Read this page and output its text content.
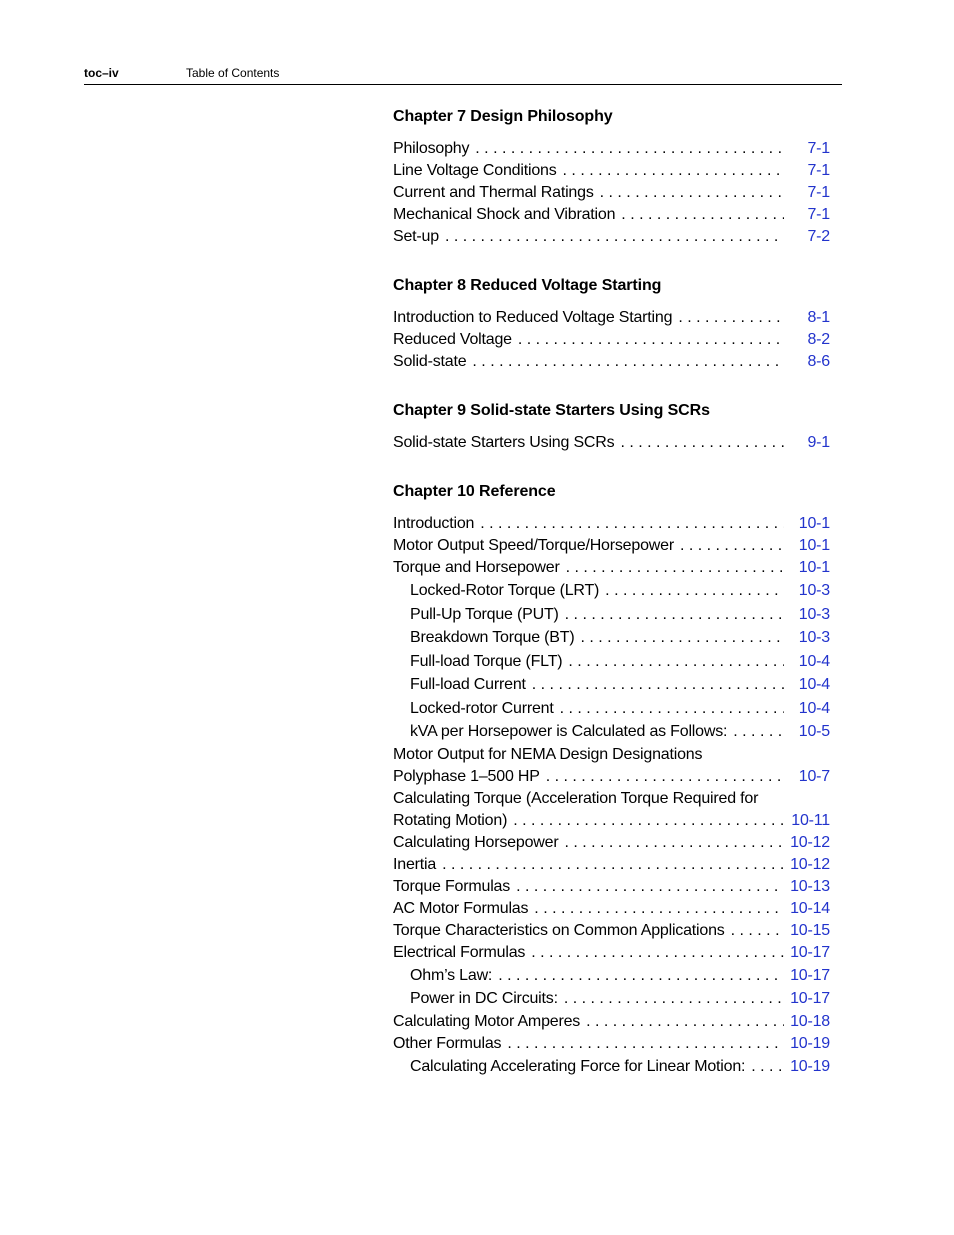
toc–iv	Table of Contents
Chapter 7 Design Philosophy
Philosophy . . .	7-1
Line Voltage Conditions . . .	7-1
Current and Thermal Ratings . . .	7-1
Mechanical Shock and Vibration . . .	7-1
Set-up . . .	7-2
Chapter 8 Reduced Voltage Starting
Introduction to Reduced Voltage Starting . . .	8-1
Reduced Voltage . . .	8-2
Solid-state . . .	8-6
Chapter 9 Solid-state Starters Using SCRs
Solid-state Starters Using SCRs . . .	9-1
Chapter 10 Reference
Introduction . . .	10-1
Motor Output Speed/Torque/Horsepower . . .	10-1
Torque and Horsepower . . .	10-1
Locked-Rotor Torque (LRT) . . .	10-3
Pull-Up Torque (PUT) . . .	10-3
Breakdown Torque (BT) . . .	10-3
Full-load Torque (FLT) . . .	10-4
Full-load Current . . .	10-4
Locked-rotor Current . . .	10-4
kVA per Horsepower is Calculated as Follows: . . .	10-5
Motor Output for NEMA Design Designations
Polyphase 1–500 HP . . .	10-7
Calculating Torque (Acceleration Torque Required for
Rotating Motion) . . .	10-11
Calculating Horsepower . . .	10-12
Inertia . . .	10-12
Torque Formulas . . .	10-13
AC Motor Formulas . . .	10-14
Torque Characteristics on Common Applications . . .	10-15
Electrical Formulas . . .	10-17
Ohm’s Law: . . .	10-17
Power in DC Circuits: . . .	10-17
Calculating Motor Amperes . . .	10-18
Other Formulas . . .	10-19
Calculating Accelerating Force for Linear Motion: . . .	10-19
